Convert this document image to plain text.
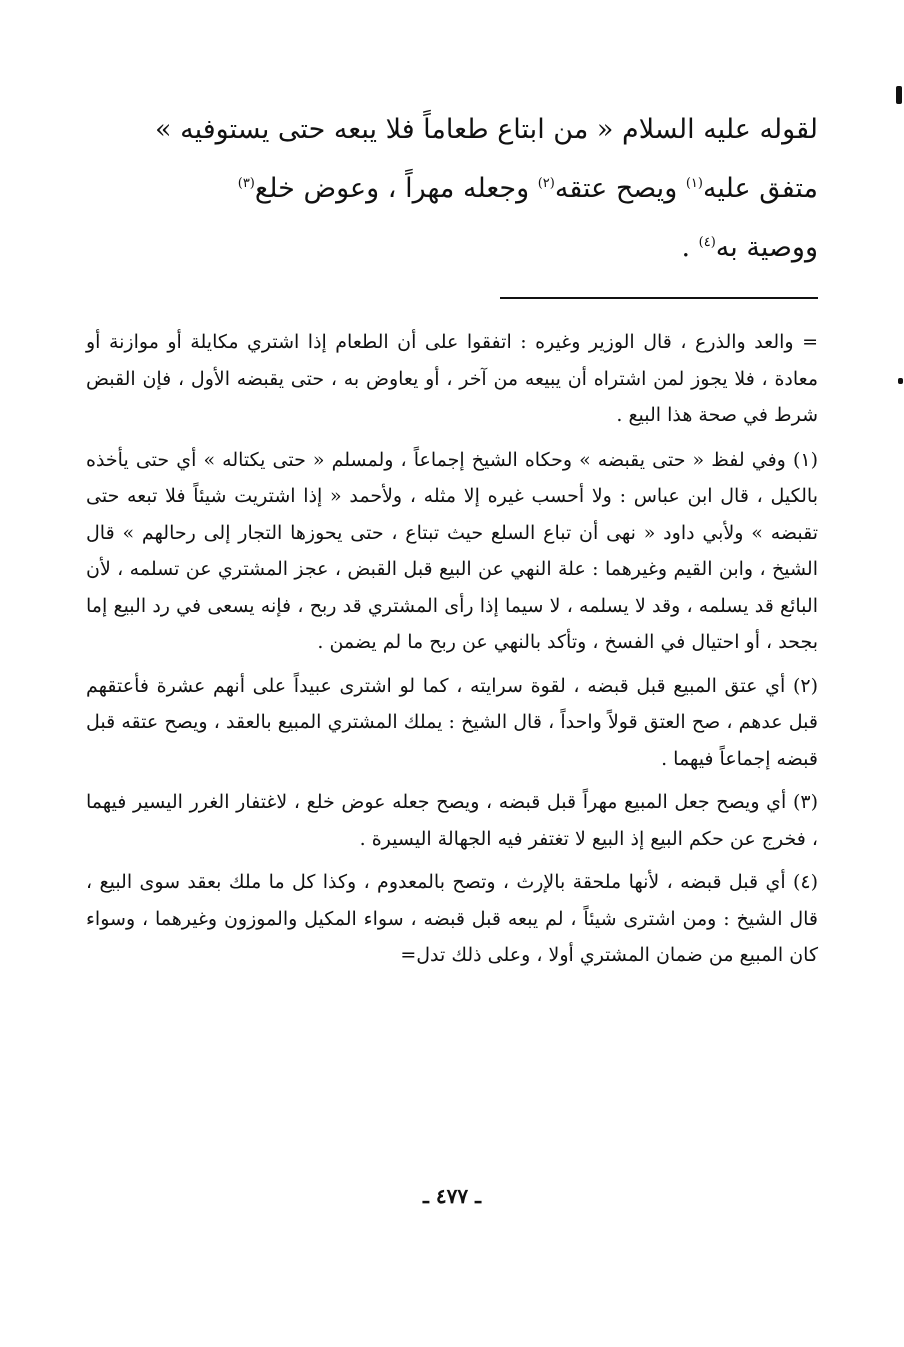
لقوله عليه السلام « من ابتاع طعاماً فلا يبعه حتى يستوفيه »
متفق عليه$^{(١)}$ ويصح عتقه$^{(٢)}$ وجعله مهراً ، وعوض خلع$^{(٣)}$
ووصية به$^{(٤)}$ .

= والعد والذرع ، قال الوزير وغيره : اتفقوا على أن الطعام إذا اشتري مكايلة أو موازنة أو معادة ، فلا يجوز لمن اشتراه أن يبيعه من آخر ، أو يعاوض به ، حتى يقبضه الأول ، فإن القبض شرط في صحة هذا البيع .

(١) وفي لفظ « حتى يقبضه » وحكاه الشيخ إجماعاً ، ولمسلم « حتى يكتاله » أي حتى يأخذه بالكيل ، قال ابن عباس : ولا أحسب غيره إلا مثله ، ولأحمد « إذا اشتريت شيئاً فلا تبعه حتى تقبضه » ولأبي داود « نهى أن تباع السلع حيث تبتاع ، حتى يحوزها التجار إلى رحالهم » قال الشيخ ، وابن القيم وغيرهما : علة النهي عن البيع قبل القبض ، عجز المشتري عن تسلمه ، لأن البائع قد يسلمه ، وقد لا يسلمه ، لا سيما إذا رأى المشتري قد ربح ، فإنه يسعى في رد البيع إما بجحد ، أو احتيال في الفسخ ، وتأكد بالنهي عن ربح ما لم يضمن .

(٢) أي عتق المبيع قبل قبضه ، لقوة سرايته ، كما لو اشترى عبيداً على أنهم عشرة فأعتقهم قبل عدهم ، صح العتق قولاً واحداً ، قال الشيخ : يملك المشتري المبيع بالعقد ، ويصح عتقه قبل قبضه إجماعاً فيهما .

(٣) أي ويصح جعل المبيع مهراً قبل قبضه ، ويصح جعله عوض خلع ، لاغتفار الغرر اليسير فيهما ، فخرج عن حكم البيع إذ البيع لا تغتفر فيه الجهالة اليسيرة .

(٤) أي قبل قبضه ، لأنها ملحقة بالإرث ، وتصح بالمعدوم ، وكذا كل ما ملك بعقد سوى البيع ، قال الشيخ : ومن اشترى شيئاً ، لم يبعه قبل قبضه ، سواء المكيل والموزون وغيرهما ، وسواء كان المبيع من ضمان المشتري أولا ، وعلى ذلك تدل=

ـ ٤٧٧ ـ
